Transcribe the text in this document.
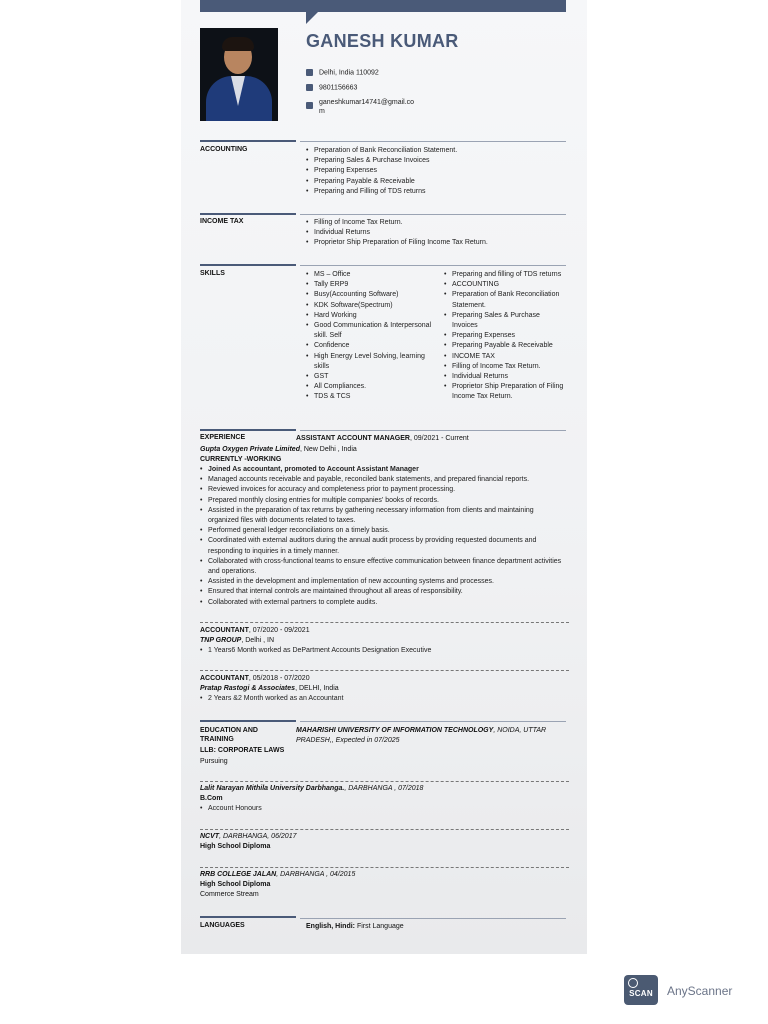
GANESH KUMAR
Delhi, India 110092
9801156663
ganeshkumar14741@gmail.co
m
ACCOUNTING	• Preparation of Bank Reconciliation Statement.
• Preparing Sales & Purchase Invoices
• Preparing Expenses
• Preparing Payable & Receivable
• Preparing and Filling of TDS returns
INCOME TAX	• Filling of Income Tax Return.
• Individual Returns
• Proprietor Ship Preparation of Filing Income Tax Return.
SKILLS	• MS – Office
• Tally ERP9
• Busy(Accounting Software)
• KDK Software(Spectrum)
• Hard Working
• Good Communication & Interpersonal skill. Self
• Confidence
• High Energy Level Solving, learning skills
• GST
• All Compliances.
• TDS & TCS
• Preparing and filling of TDS returns
• ACCOUNTING
• Preparation of Bank Reconciliation Statement.
• Preparing Sales & Purchase Invoices
• Preparing Expenses
• Preparing Payable & Receivable
• INCOME TAX
• Filling of Income Tax Return.
• Individual Returns
• Proprietor Ship Preparation of Filing Income Tax Return.
EXPERIENCE	ASSISTANT ACCOUNT MANAGER, 09/2021 - Current
Gupta Oxygen Private Limited, New Delhi , India
CURRENTLY -WORKING
• Joined As accountant, promoted to Account Assistant Manager
• Managed accounts receivable and payable, reconciled bank statements, and prepared financial reports.
• Reviewed invoices for accuracy and completeness prior to payment processing.
• Prepared monthly closing entries for multiple companies' books of records.
• Assisted in the preparation of tax returns by gathering necessary information from clients and maintaining organized files with documents related to taxes.
• Performed general ledger reconciliations on a timely basis.
• Coordinated with external auditors during the annual audit process by providing requested documents and responding to inquiries in a timely manner.
• Collaborated with cross-functional teams to ensure effective communication between finance department activities and operations.
• Assisted in the development and implementation of new accounting systems and processes.
• Ensured that internal controls are maintained throughout all areas of responsibility.
• Collaborated with external partners to complete audits.
ACCOUNTANT, 07/2020 - 09/2021
TNP GROUP, Delhi , IN
• 1 Years6 Month worked as DePartment Accounts Designation Executive
ACCOUNTANT, 05/2018 - 07/2020
Pratap Rastogi & Associates, DELHI, India
• 2 Years &2 Month worked as an Accountant
EDUCATION AND
TRAINING
MAHARISHI UNIVERSITY OF INFORMATION TECHNOLOGY, NOIDA, UTTAR
PRADESH,, Expected in 07/2025
LLB: CORPORATE LAWS
Pursuing
Lalit Narayan Mithila University Darbhanga., DARBHANGA , 07/2018
B.Com
• Account Honours
NCVT, DARBHANGA, 06/2017
High School Diploma
RRB COLLEGE JALAN, DARBHANGA , 04/2015
High School Diploma
Commerce Stream
LANGUAGES	English, Hindi: First Language
SCAN	AnyScanner
